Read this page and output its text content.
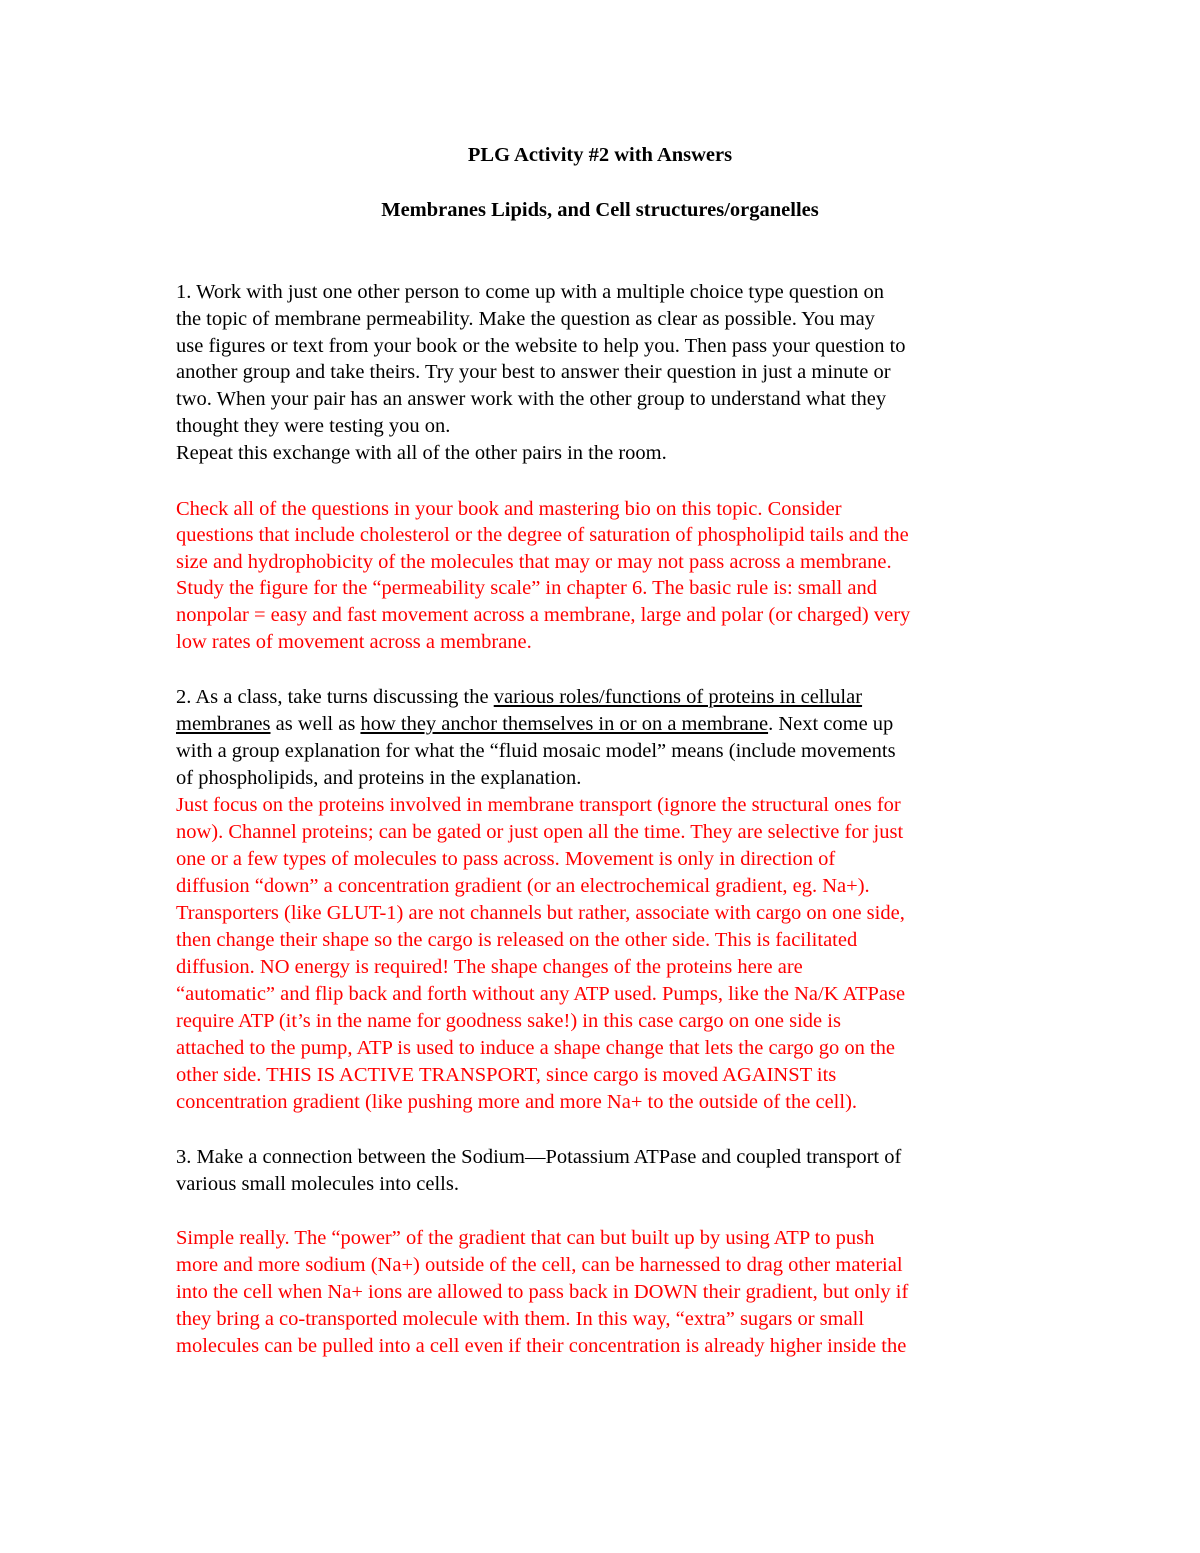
PLG Activity #2 with Answers
Membranes Lipids, and Cell structures/organelles
1. Work with just one other person to come up with a multiple choice type question on
the topic of membrane permeability. Make the question as clear as possible. You may
use figures or text from your book or the website to help you. Then pass your question to
another group and take theirs. Try your best to answer their question in just a minute or
two. When your pair has an answer work with the other group to understand what they
thought they were testing you on.
Repeat this exchange with all of the other pairs in the room.
Check all of the questions in your book and mastering bio on this topic. Consider
questions that include cholesterol or the degree of saturation of phospholipid tails and the
size and hydrophobicity of the molecules that may or may not pass across a membrane.
Study the figure for the “permeability scale” in chapter 6. The basic rule is: small and
nonpolar = easy and fast movement across a membrane, large and polar (or charged) very
low rates of movement across a membrane.
2. As a class, take turns discussing the various roles/functions of proteins in cellular
membranes as well as how they anchor themselves in or on a membrane. Next come up
with a group explanation for what the “fluid mosaic model” means (include movements
of phospholipids, and proteins in the explanation.
Just focus on the proteins involved in membrane transport (ignore the structural ones for
now). Channel proteins; can be gated or just open all the time. They are selective for just
one or a few types of molecules to pass across. Movement is only in direction of
diffusion “down” a concentration gradient (or an electrochemical gradient, eg. Na+).
Transporters (like GLUT-1) are not channels but rather, associate with cargo on one side,
then change their shape so the cargo is released on the other side. This is facilitated
diffusion. NO energy is required! The shape changes of the proteins here are
“automatic” and flip back and forth without any ATP used. Pumps, like the Na/K ATPase
require ATP (it’s in the name for goodness sake!) in this case cargo on one side is
attached to the pump, ATP is used to induce a shape change that lets the cargo go on the
other side. THIS IS ACTIVE TRANSPORT, since cargo is moved AGAINST its
concentration gradient (like pushing more and more Na+ to the outside of the cell).
3. Make a connection between the Sodium—Potassium ATPase and coupled transport of
various small molecules into cells.
Simple really. The “power” of the gradient that can but built up by using ATP to push
more and more sodium (Na+) outside of the cell, can be harnessed to drag other material
into the cell when Na+ ions are allowed to pass back in DOWN their gradient, but only if
they bring a co-transported molecule with them. In this way, “extra” sugars or small
molecules can be pulled into a cell even if their concentration is already higher inside the
